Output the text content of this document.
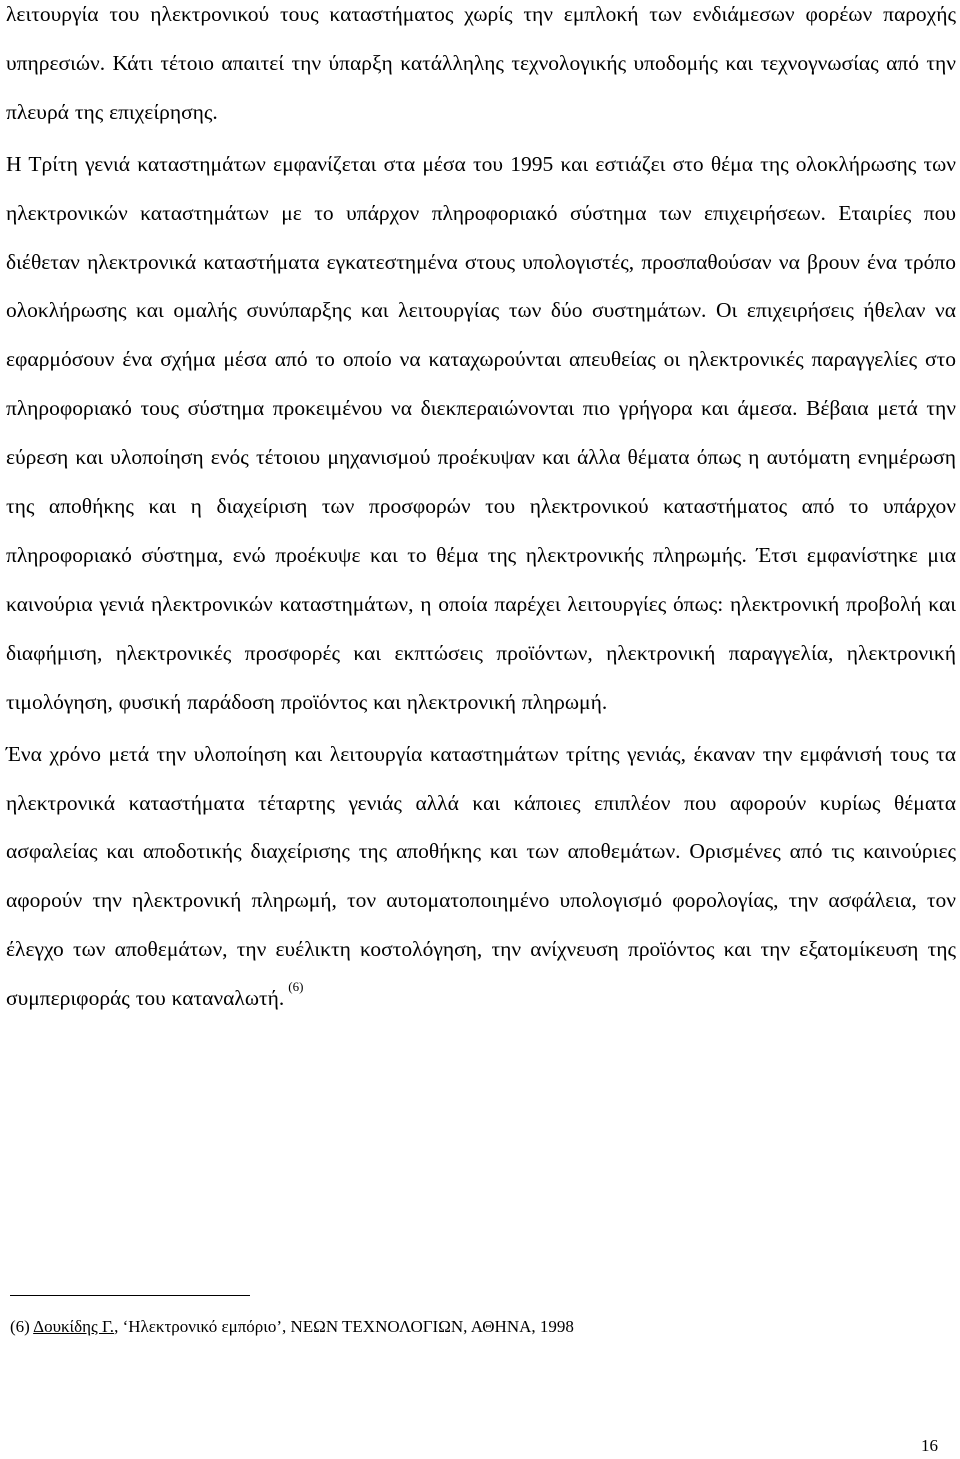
λειτουργία του ηλεκτρονικού τους καταστήματος χωρίς την εμπλοκή των ενδιάμεσων φορέων παροχής υπηρεσιών. Κάτι τέτοιο απαιτεί την ύπαρξη κατάλληλης τεχνολογικής υποδομής και τεχνογνωσίας από την πλευρά της επιχείρησης.

Η Τρίτη γενιά καταστημάτων εμφανίζεται στα μέσα του 1995 και εστιάζει στο θέμα της ολοκλήρωσης των ηλεκτρονικών καταστημάτων με το υπάρχον πληροφοριακό σύστημα των επιχειρήσεων. Εταιρίες που διέθεταν ηλεκτρονικά καταστήματα εγκατεστημένα στους υπολογιστές, προσπαθούσαν να βρουν ένα τρόπο ολοκλήρωσης και ομαλής συνύπαρξης και λειτουργίας των δύο συστημάτων. Οι επιχειρήσεις ήθελαν να εφαρμόσουν ένα σχήμα μέσα από το οποίο να καταχωρούνται απευθείας οι ηλεκτρονικές παραγγελίες στο πληροφοριακό τους σύστημα προκειμένου να διεκπεραιώνονται πιο γρήγορα και άμεσα. Βέβαια μετά την εύρεση και υλοποίηση ενός τέτοιου μηχανισμού προέκυψαν και άλλα θέματα όπως η αυτόματη ενημέρωση της αποθήκης και η διαχείριση των προσφορών του ηλεκτρονικού καταστήματος από το υπάρχον πληροφοριακό σύστημα, ενώ προέκυψε και το θέμα της ηλεκτρονικής πληρωμής. Έτσι εμφανίστηκε μια καινούρια γενιά ηλεκτρονικών καταστημάτων, η οποία παρέχει λειτουργίες όπως: ηλεκτρονική προβολή και διαφήμιση, ηλεκτρονικές προσφορές και εκπτώσεις προϊόντων, ηλεκτρονική παραγγελία, ηλεκτρονική τιμολόγηση, φυσική παράδοση προϊόντος και ηλεκτρονική πληρωμή.

Ένα χρόνο μετά την υλοποίηση και λειτουργία καταστημάτων τρίτης γενιάς, έκαναν την εμφάνισή τους τα ηλεκτρονικά καταστήματα τέταρτης γενιάς αλλά και κάποιες επιπλέον που αφορούν κυρίως θέματα ασφαλείας και αποδοτικής διαχείρισης της αποθήκης και των αποθεμάτων. Ορισμένες από τις καινούριες αφορούν την ηλεκτρονική πληρωμή, τον αυτοματοποιημένο υπολογισμό φορολογίας, την ασφάλεια, τον έλεγχο των αποθεμάτων, την ευέλικτη κοστολόγηση, την ανίχνευση προϊόντος και την εξατομίκευση της συμπεριφοράς του καταναλωτή. $^{(6)}$

(6) Δουκίδης Γ., ‘Ηλεκτρονικό εμπόριο’, ΝΕΩΝ ΤΕΧΝΟΛΟΓΙΩΝ, ΑΘΗΝΑ, 1998
16
